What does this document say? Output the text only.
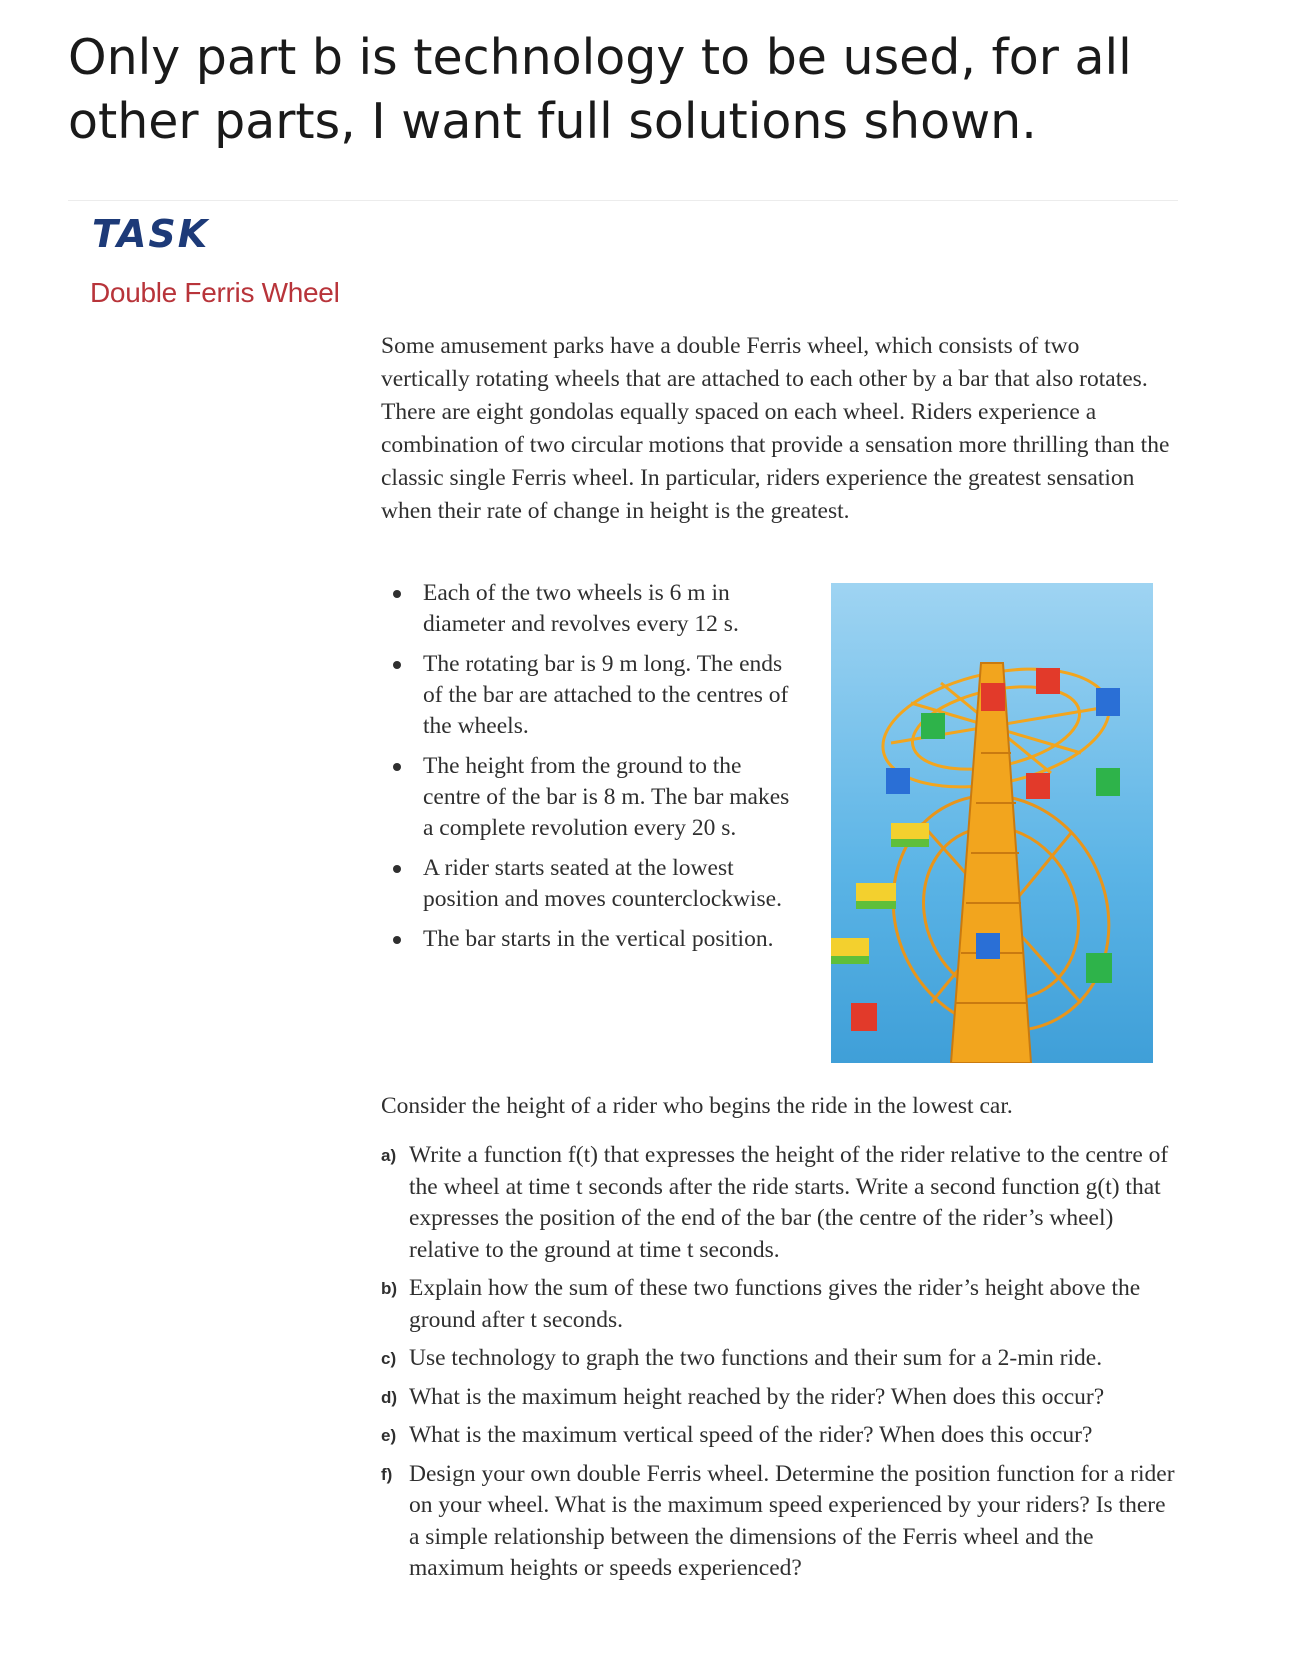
Only part b is technology to be used, for all other parts, I want full solutions shown.

TASK
Double Ferris Wheel

Some amusement parks have a double Ferris wheel, which consists of two vertically rotating wheels that are attached to each other by a bar that also rotates. There are eight gondolas equally spaced on each wheel. Riders experience a combination of two circular motions that provide a sensation more thrilling than the classic single Ferris wheel. In particular, riders experience the greatest sensation when their rate of change in height is the greatest.

Each of the two wheels is 6 m in diameter and revolves every 12 s.
The rotating bar is 9 m long. The ends of the bar are attached to the centres of the wheels.
The height from the ground to the centre of the bar is 8 m. The bar makes a complete revolution every 20 s.
A rider starts seated at the lowest position and moves counterclockwise.
The bar starts in the vertical position.

Consider the height of a rider who begins the ride in the lowest car.

a) Write a function f(t) that expresses the height of the rider relative to the centre of the wheel at time t seconds after the ride starts. Write a second function g(t) that expresses the position of the end of the bar (the centre of the rider’s wheel) relative to the ground at time t seconds.
b) Explain how the sum of these two functions gives the rider’s height above the ground after t seconds.
c) Use technology to graph the two functions and their sum for a 2-min ride.
d) What is the maximum height reached by the rider? When does this occur?
e) What is the maximum vertical speed of the rider? When does this occur?
f) Design your own double Ferris wheel. Determine the position function for a rider on your wheel. What is the maximum speed experienced by your riders? Is there a simple relationship between the dimensions of the Ferris wheel and the maximum heights or speeds experienced?
